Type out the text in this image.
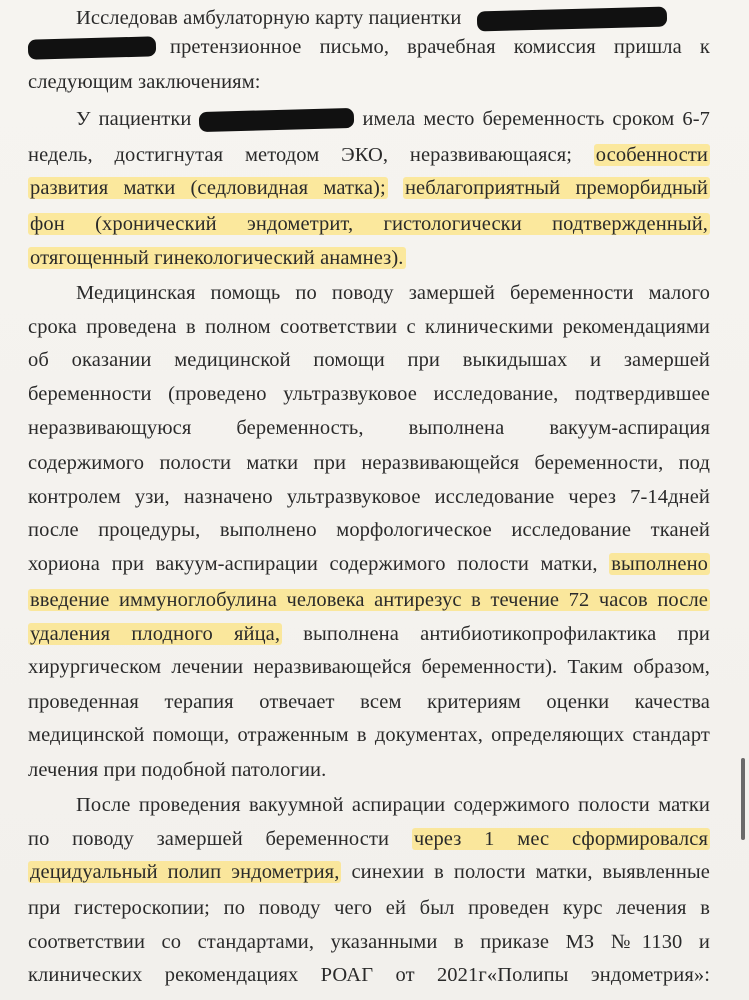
Исследовав амбулаторную карту пациентки
претензионное письмо, врачебная комиссия пришла к
следующим заключениям:
У пациентки	имела место беременность сроком 6-7
недель, достигнутая методом ЭКО, неразвивающаяся; особенности
развития матки (седловидная матка); неблагоприятный преморбидный
фон (хронический эндометрит, гистологически подтвержденный,
отягощенный гинекологический анамнез).
Медицинская помощь по поводу замершей беременности малого
срока проведена в полном соответствии с клиническими рекомендациями
об оказании медицинской помощи при выкидышах и замершей
беременности (проведено ультразвуковое исследование, подтвердившее
неразвивающуюся беременность, выполнена вакуум-аспирация
содержимого полости матки при неразвивающейся беременности, под
контролем узи, назначено ультразвуковое исследование через 7-14дней
после процедуры, выполнено морфологическое исследование тканей
хориона при вакуум-аспирации содержимого полости матки, выполнено
введение иммуноглобулина человека антирезус в течение 72 часов после
удаления плодного яйца, выполнена антибиотикопрофилактика при
хирургическом лечении неразвивающейся беременности). Таким образом,
проведенная терапия отвечает всем критериям оценки качества
медицинской помощи, отраженным в документах, определяющих стандарт
лечения при подобной патологии.
После проведения вакуумной аспирации содержимого полости матки
по поводу замершей беременности через 1 мес сформировался
децидуальный полип эндометрия, синехии в полости матки, выявленные
при гистероскопии; по поводу чего ей был проведен курс лечения в
соответствии со стандартами, указанными в приказе МЗ №1130 и
клинических рекомендациях РОАГ от 2021г«Полипы эндометрия»:
